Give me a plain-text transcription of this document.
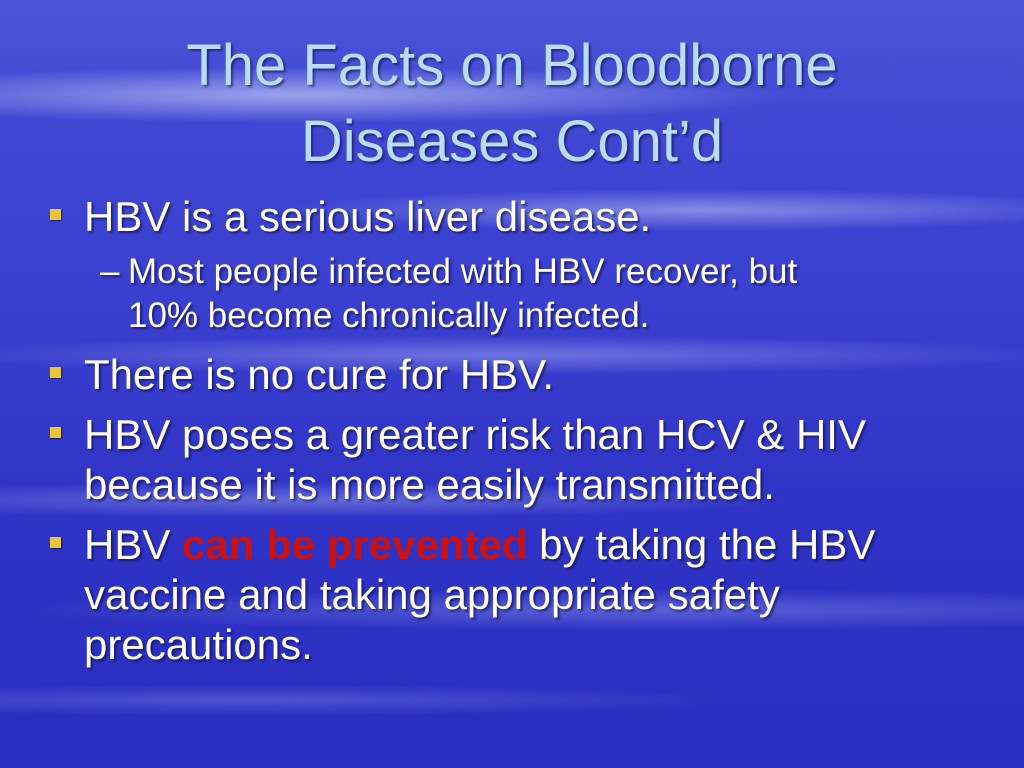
The Facts on Bloodborne
Diseases Cont’d
HBV is a serious liver disease.
– Most people infected with HBV recover, but
10% become chronically infected.
There is no cure for HBV.
HBV poses a greater risk than HCV & HIV
because it is more easily transmitted.
HBV can be prevented by taking the HBV
vaccine and taking appropriate safety
precautions.
